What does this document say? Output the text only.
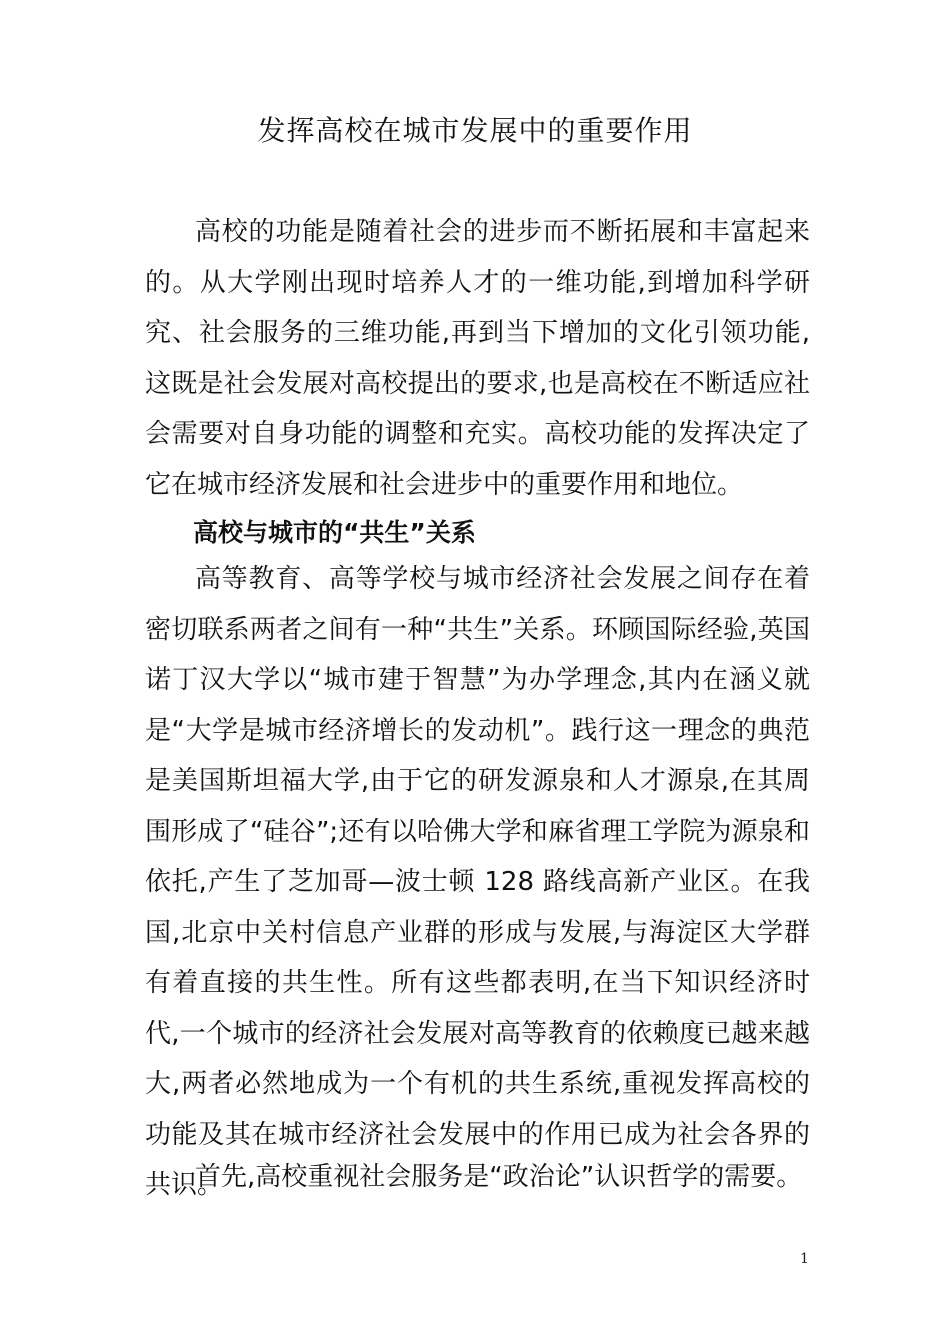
发挥高校在城市发展中的重要作用

高校的功能是随着社会的进步而不断拓展和丰富起来的。从大学刚出现时培养人才的一维功能,到增加科学研究、社会服务的三维功能,再到当下增加的文化引领功能,这既是社会发展对高校提出的要求,也是高校在不断适应社会需要对自身功能的调整和充实。高校功能的发挥决定了它在城市经济发展和社会进步中的重要作用和地位。

高校与城市的“共生”关系

高等教育、高等学校与城市经济社会发展之间存在着密切联系两者之间有一种“共生”关系。环顾国际经验,英国诺丁汉大学以“城市建于智慧”为办学理念,其内在涵义就是“大学是城市经济增长的发动机”。践行这一理念的典范是美国斯坦福大学,由于它的研发源泉和人才源泉,在其周围形成了“硅谷”;还有以哈佛大学和麻省理工学院为源泉和依托,产生了芝加哥—波士顿 128 路线高新产业区。在我国,北京中关村信息产业群的形成与发展,与海淀区大学群有着直接的共生性。所有这些都表明,在当下知识经济时代,一个城市的经济社会发展对高等教育的依赖度已越来越大,两者必然地成为一个有机的共生系统,重视发挥高校的功能及其在城市经济社会发展中的作用已成为社会各界的共识。

首先,高校重视社会服务是“政治论”认识哲学的需要。

1
